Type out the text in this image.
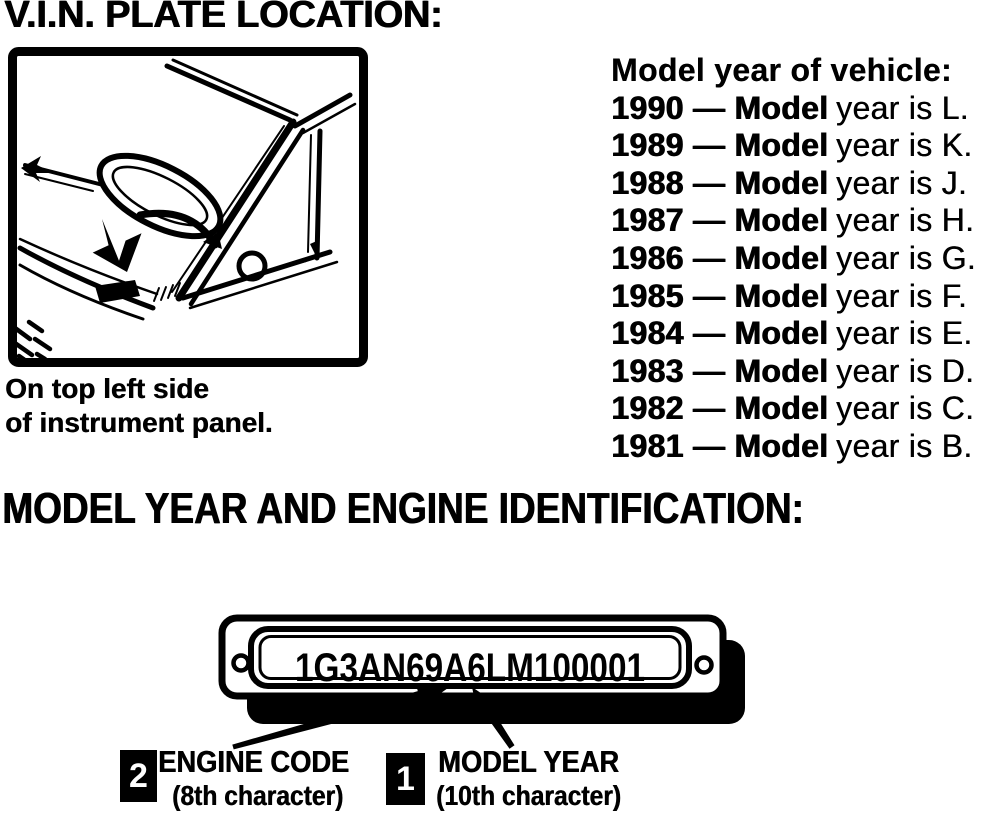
V.I.N. PLATE LOCATION:
On top left side
of instrument panel.
Model year of vehicle:
1990 — Model year is L.
1989 — Model year is K.
1988 — Model year is J.
1987 — Model year is H.
1986 — Model year is G.
1985 — Model year is F.
1984 — Model year is E.
1983 — Model year is D.
1982 — Model year is C.
1981 — Model year is B.
MODEL YEAR AND ENGINE IDENTIFICATION:
1G3AN69A6LM100001
2 ENGINE CODE
(8th character) 1 MODEL YEAR
(10th character)
